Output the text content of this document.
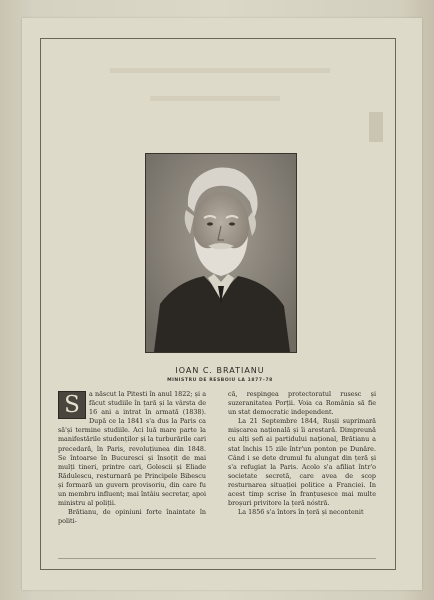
IOAN C. BRATIANU
MINISTRU DE RESBOIU LA 1877–78
S	a născut la Pitesti în anul 1822; și a făcut studiile în țară și la vârsta de 16 ani a intrat în armată (1838). După ce la 1841 s'a dus la Paris ca să'și termine studiile. Aci luă mare parte la manifestările studenților și la turburările cari precedară, în Paris, revoluțiunea din 1848. Se întoarse în Bucuresci și însoțit de mai mulți tineri, printre cari, Golescii și Eliade Rădulescu, resturnară pe Principele Bibescu și formară un guvern provisoriu, din care fu un membru influent; mai întâiu secretar, apoi ministru al poliții.

Brătianu, de opiniuni forte înaintate în politi-

că, respingea protectoratul rusesc și suzeranitatea Porții. Voia ca România să fie un stat democratic independent.

La 21 Septembre 1844, Rușii suprimară mișcarea națională și îi arestară. Dimpreună cu alți șefi ai partidului național, Brătianu a stat închis 15 zile într'un ponton pe Dunăre. Când i se dete drumul fu alungat din țeră și s'a refugiat la Paris. Acolo s'a afiliat într'o societate secretă, care avea de scop resturnarea situației politice a Franciei. In acest timp scrise în franțusesce mai multe broșuri privitore la țeră nóstră.

La 1856 s'a întors în țeră și necontenit
